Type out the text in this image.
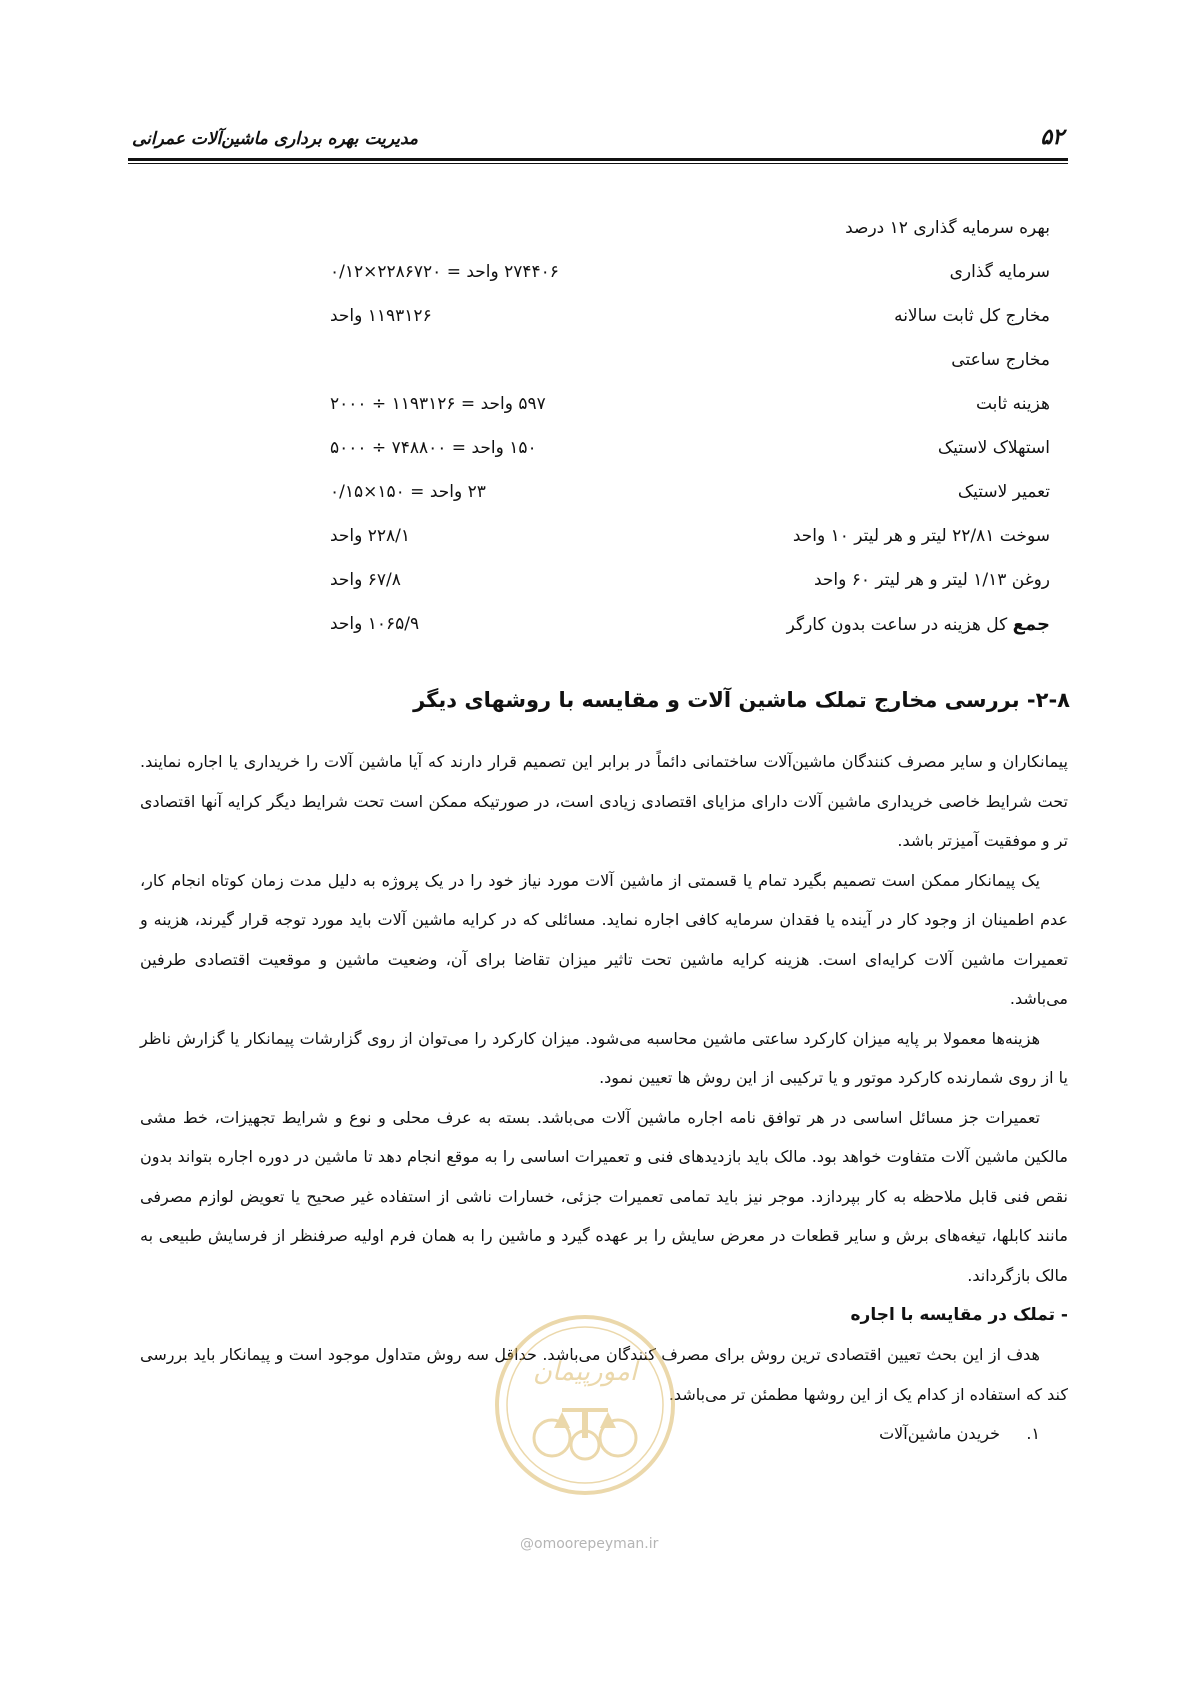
۵۲
مدیریت بهره برداری ماشین‌آلات عمرانی
بهره سرمایه گذاری ۱۲ درصد
سرمایه گذاری
۲۷۴۴۰۶ واحد = ۲۲۸۶۷۲۰×۰/۱۲
مخارج کل ثابت سالانه
۱۱۹۳۱۲۶ واحد
مخارج ساعتی
هزینه ثابت
۵۹۷ واحد = ۱۱۹۳۱۲۶ ÷ ۲۰۰۰
استهلاک لاستیک
۱۵۰ واحد = ۷۴۸۸۰۰ ÷ ۵۰۰۰
تعمیر لاستیک
۲۳ واحد = ۱۵۰×۰/۱۵
سوخت ۲۲/۸۱ لیتر و هر لیتر ۱۰ واحد
۲۲۸/۱ واحد
روغن ۱/۱۳ لیتر و هر لیتر ۶۰ واحد
۶۷/۸ واحد
جمع کل هزینه در ساعت بدون کارگر
۱۰۶۵/۹ واحد
۲-۸- بررسی مخارج تملک ماشین آلات و مقایسه با روشهای دیگر

پیمانکاران و سایر مصرف کنندگان ماشین‌آلات ساختمانی دائماً در برابر این تصمیم قرار دارند که آیا ماشین آلات را خریداری یا اجاره نمایند. تحت شرایط خاصی خریداری ماشین آلات دارای مزایای اقتصادی زیادی است، در صورتیکه ممکن است تحت شرایط دیگر کرایه آنها اقتصادی تر و موفقیت آمیزتر باشد.

یک پیمانکار ممکن است تصمیم بگیرد تمام یا قسمتی از ماشین آلات مورد نیاز خود را در یک پروژه به دلیل مدت زمان کوتاه انجام کار، عدم اطمینان از وجود کار در آینده یا فقدان سرمایه کافی اجاره نماید. مسائلی که در کرایه ماشین آلات باید مورد توجه قرار گیرند، هزینه و تعمیرات ماشین آلات کرایه‌ای است. هزینه کرایه ماشین تحت تاثیر میزان تقاضا برای آن، وضعیت ماشین و موقعیت اقتصادی طرفین می‌باشد.

هزینه‌ها معمولا بر پایه میزان کارکرد ساعتی ماشین محاسبه می‌شود. میزان کارکرد را می‌توان از روی گزارشات پیمانکار یا گزارش ناظر یا از روی شمارنده کارکرد موتور و یا ترکیبی از این روش ها تعیین نمود.

تعمیرات جز مسائل اساسی در هر توافق نامه اجاره ماشین آلات می‌باشد. بسته به عرف محلی و نوع و شرایط تجهیزات، خط مشی مالکین ماشین آلات متفاوت خواهد بود. مالک باید بازدیدهای فنی و تعمیرات اساسی را به موقع انجام دهد تا ماشین در دوره اجاره بتواند بدون نقص فنی قابل ملاحظه به کار بپردازد. موجر نیز باید تمامی تعمیرات جزئی، خسارات ناشی از استفاده غیر صحیح یا تعویض لوازم مصرفی مانند کابلها، تیغه‌های برش و سایر قطعات در معرض سایش را بر عهده گیرد و ماشین را به همان فرم اولیه صرفنظر از فرسایش طبیعی به مالک بازگرداند.

- تملک در مقایسه با اجاره

هدف از این بحث تعیین اقتصادی ترین روش برای مصرف کنندگان می‌باشد. حداقل سه روش متداول موجود است و پیمانکار باید بررسی کند که استفاده از کدام یک از این روشها مطمئن تر می‌باشد.

۱.خریدن ماشین‌آلات
امورپیمان
@omoorepeyman.ir
